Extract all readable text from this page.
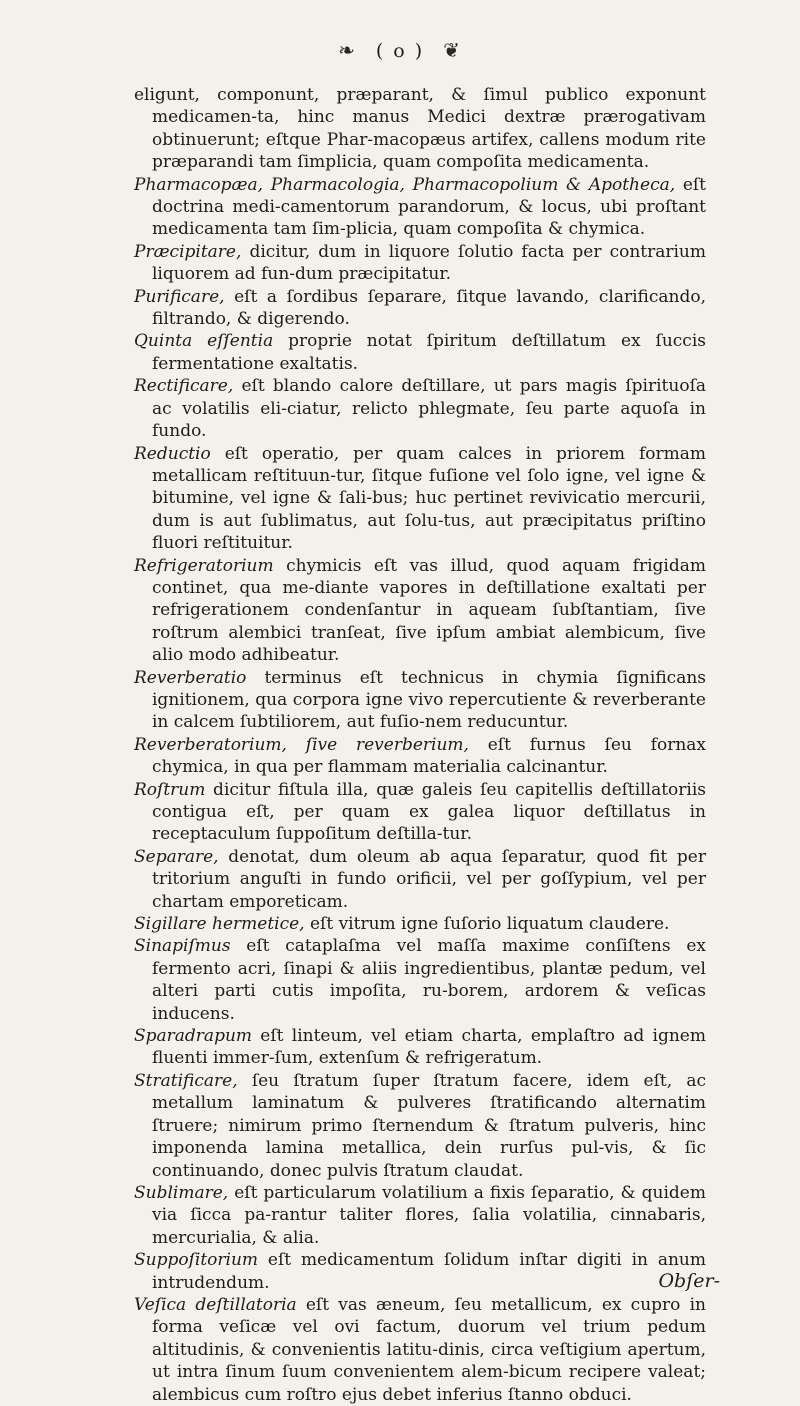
❧ ( o ) ❦

eligunt, componunt, præparant, & ſimul publico exponunt medicamen-ta, hinc manus Medici dextræ prærogativam obtinuerunt; eſtque Phar-macopæus artifex, callens modum rite præparandi tam ſimplicia, quam compoſita medicamenta.

Pharmacopæa, Pharmacologia, Pharmacopolium & Apotheca, eſt doctrina medi-camentorum parandorum, & locus, ubi proſtant medicamenta tam ſim-plicia, quam compoſita & chymica.

Præcipitare, dicitur, dum in liquore ſolutio facta per contrarium liquorem ad fun-dum præcipitatur.

Purificare, eſt a ſordibus ſeparare, ſitque lavando, clarificando, filtrando, & digerendo.

Quinta eſſentia proprie notat ſpiritum deſtillatum ex ſuccis fermentatione exaltatis.

Rectificare, eſt blando calore deſtillare, ut pars magis ſpirituoſa ac volatilis eli-ciatur, relicto phlegmate, ſeu parte aquoſa in fundo.

Reductio eſt operatio, per quam calces in priorem formam metallicam reſtituun-tur, ſitque fuſione vel ſolo igne, vel igne & bitumine, vel igne & ſali-bus; huc pertinet revivicatio mercurii, dum is aut ſublimatus, aut ſolu-tus, aut præcipitatus priſtino fluori reſtituitur.

Refrigeratorium chymicis eſt vas illud, quod aquam frigidam continet, qua me-diante vapores in deſtillatione exaltati per refrigerationem condenſantur in aqueam ſubſtantiam, ſive roſtrum alembici tranſeat, ſive ipſum ambiat alembicum, ſive alio modo adhibeatur.

Reverberatio terminus eſt technicus in chymia ſignificans ignitionem, qua corpora igne vivo repercutiente & reverberante in calcem ſubtiliorem, aut fuſio-nem reducuntur.

Reverberatorium, ſive reverberium, eſt furnus ſeu fornax chymica, in qua per flammam materialia calcinantur.

Roſtrum dicitur fiſtula illa, quæ galeis ſeu capitellis deſtillatoriis contigua eſt, per quam ex galea liquor deſtillatus in receptaculum ſuppoſitum deſtilla-tur.

Separare, denotat, dum oleum ab aqua ſeparatur, quod fit per tritorium anguſti in fundo orificii, vel per goſſypium, vel per chartam emporeticam.

Sigillare hermetice, eſt vitrum igne ſuſorio liquatum claudere.

Sinapiſmus eſt cataplaſma vel maſſa maxime conſiſtens ex fermento acri, ſinapi & aliis ingredientibus, plantæ pedum, vel alteri parti cutis impoſita, ru-borem, ardorem & veſicas inducens.

Sparadrapum eſt linteum, vel etiam charta, emplaſtro ad ignem fluenti immer-ſum, extenſum & refrigeratum.

Stratificare, ſeu ſtratum ſuper ſtratum facere, idem eſt, ac metallum laminatum & pulveres ſtratificando alternatim ſtruere; nimirum primo ſternendum & ſtratum pulveris, hinc imponenda lamina metallica, dein rurſus pul-vis, & ſic continuando, donec pulvis ſtratum claudat.

Sublimare, eſt particularum volatilium a fixis ſeparatio, & quidem via ſicca pa-rantur taliter flores, ſalia volatilia, cinnabaris, mercurialia, & alia.

Suppoſitorium eſt medicamentum ſolidum inſtar digiti in anum intrudendum.

Veſica deſtillatoria eſt vas æneum, ſeu metallicum, ex cupro in forma veſicæ vel ovi factum, duorum vel trium pedum altitudinis, & convenientis latitu-dinis, circa veſtigium apertum, ut intra ſinum ſuum convenientem alem-bicum recipere valeat; alembicus cum roſtro ejus debet inferius ſtanno obduci.

Obſer-
